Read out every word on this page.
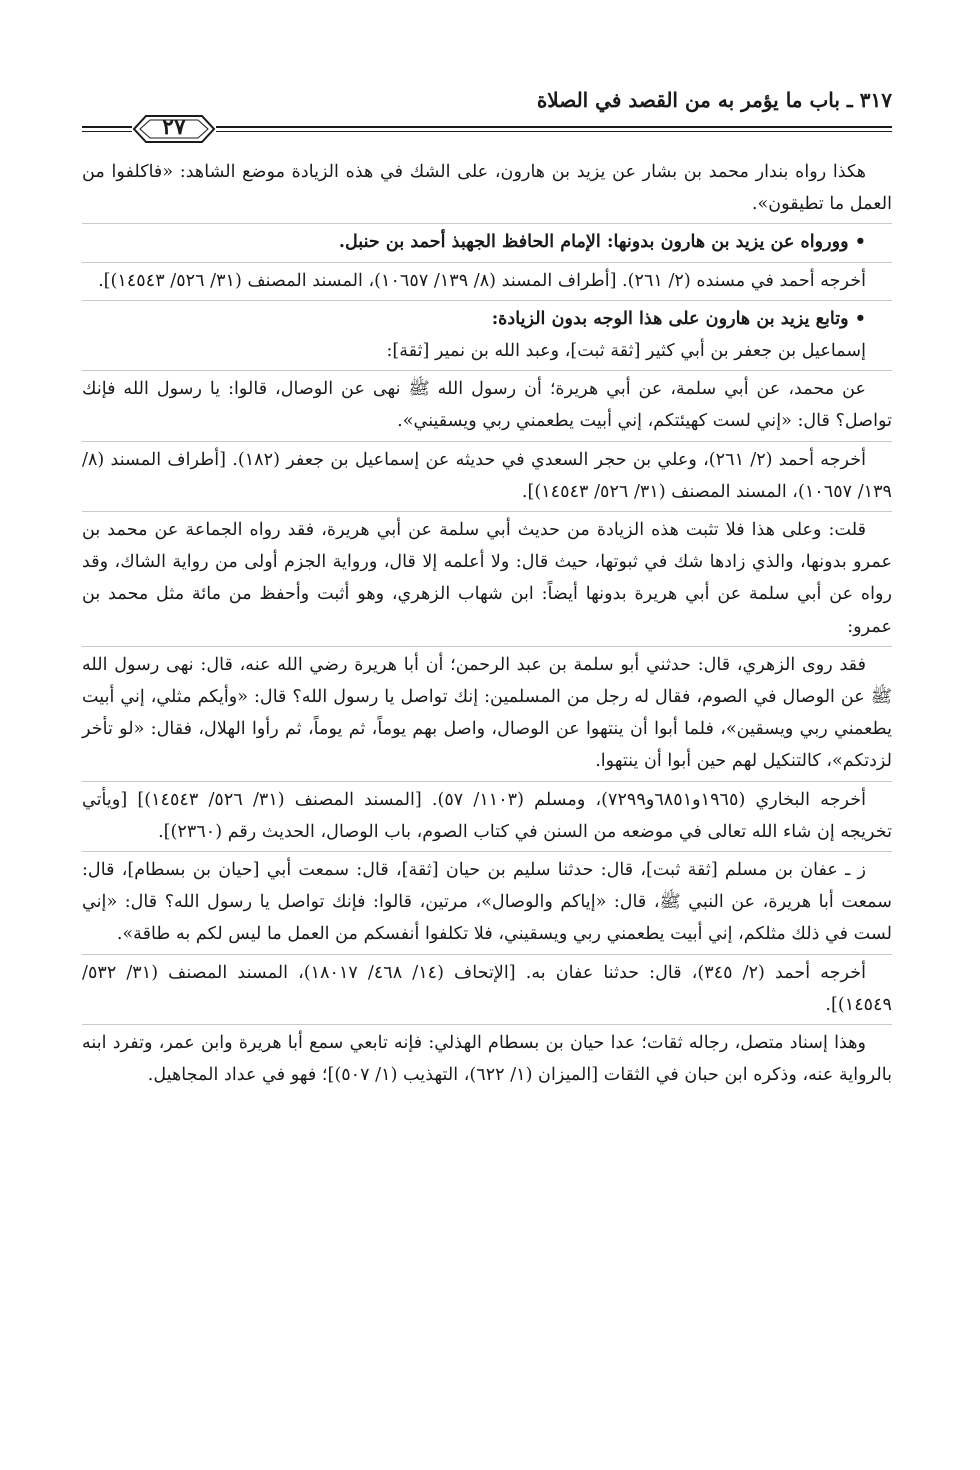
٣١٧ ـ باب ما يؤمر به من القصد في الصلاة
٢٧

هكذا رواه بندار محمد بن بشار عن يزيد بن هارون، على الشك في هذه الزيادة موضع الشاهد: «فاكلفوا من العمل ما تطيقون».

• وورواه عن يزيد بن هارون بدونها: الإمام الحافظ الجهبذ أحمد بن حنبل.

أخرجه أحمد في مسنده (٢/ ٢٦١). [أطراف المسند (٨/ ١٣٩/ ١٠٦٥٧)، المسند المصنف (٣١/ ٥٢٦/ ١٤٥٤٣)].

• وتابع يزيد بن هارون على هذا الوجه بدون الزيادة:

إسماعيل بن جعفر بن أبي كثير [ثقة ثبت]، وعبد الله بن نمير [ثقة]:

عن محمد، عن أبي سلمة، عن أبي هريرة؛ أن رسول الله ﷺ نهى عن الوصال، قالوا: يا رسول الله فإنك تواصل؟ قال: «إني لست كهيئتكم، إني أبيت يطعمني ربي ويسقيني».

أخرجه أحمد (٢/ ٢٦١)، وعلي بن حجر السعدي في حديثه عن إسماعيل بن جعفر (١٨٢). [أطراف المسند (٨/ ١٣٩/ ١٠٦٥٧)، المسند المصنف (٣١/ ٥٢٦/ ١٤٥٤٣)].

قلت: وعلى هذا فلا تثبت هذه الزيادة من حديث أبي سلمة عن أبي هريرة، فقد رواه الجماعة عن محمد بن عمرو بدونها، والذي زادها شك في ثبوتها، حيث قال: ولا أعلمه إلا قال، ورواية الجزم أولى من رواية الشاك، وقد رواه عن أبي سلمة عن أبي هريرة بدونها أيضاً: ابن شهاب الزهري، وهو أثبت وأحفظ من مائة مثل محمد بن عمرو:

فقد روى الزهري، قال: حدثني أبو سلمة بن عبد الرحمن؛ أن أبا هريرة رضي الله عنه، قال: نهى رسول الله ﷺ عن الوصال في الصوم، فقال له رجل من المسلمين: إنك تواصل يا رسول الله؟ قال: «وأيكم مثلي، إني أبيت يطعمني ربي ويسقين»، فلما أبوا أن ينتهوا عن الوصال، واصل بهم يوماً، ثم يوماً، ثم رأوا الهلال، فقال: «لو تأخر لزدتكم»، كالتنكيل لهم حين أبوا أن ينتهوا.

أخرجه البخاري (١٩٦٥و٦٨٥١و٧٢٩٩)، ومسلم (١١٠٣/ ٥٧). [المسند المصنف (٣١/ ٥٢٦/ ١٤٥٤٣)] [ويأتي تخريجه إن شاء الله تعالى في موضعه من السنن في كتاب الصوم، باب الوصال، الحديث رقم (٢٣٦٠)].

ز ـ عفان بن مسلم [ثقة ثبت]، قال: حدثنا سليم بن حيان [ثقة]، قال: سمعت أبي [حيان بن بسطام]، قال: سمعت أبا هريرة، عن النبي ﷺ، قال: «إياكم والوصال»، مرتين، قالوا: فإنك تواصل يا رسول الله؟ قال: «إني لست في ذلك مثلكم، إني أبيت يطعمني ربي ويسقيني، فلا تكلفوا أنفسكم من العمل ما ليس لكم به طاقة».

أخرجه أحمد (٢/ ٣٤٥)، قال: حدثنا عفان به. [الإتحاف (١٤/ ٤٦٨/ ١٨٠١٧)، المسند المصنف (٣١/ ٥٣٢/ ١٤٥٤٩)].

وهذا إسناد متصل، رجاله ثقات؛ عدا حيان بن بسطام الهذلي: فإنه تابعي سمع أبا هريرة وابن عمر، وتفرد ابنه بالرواية عنه، وذكره ابن حبان في الثقات [الميزان (١/ ٦٢٢)، التهذيب (١/ ٥٠٧)]؛ فهو في عداد المجاهيل.
